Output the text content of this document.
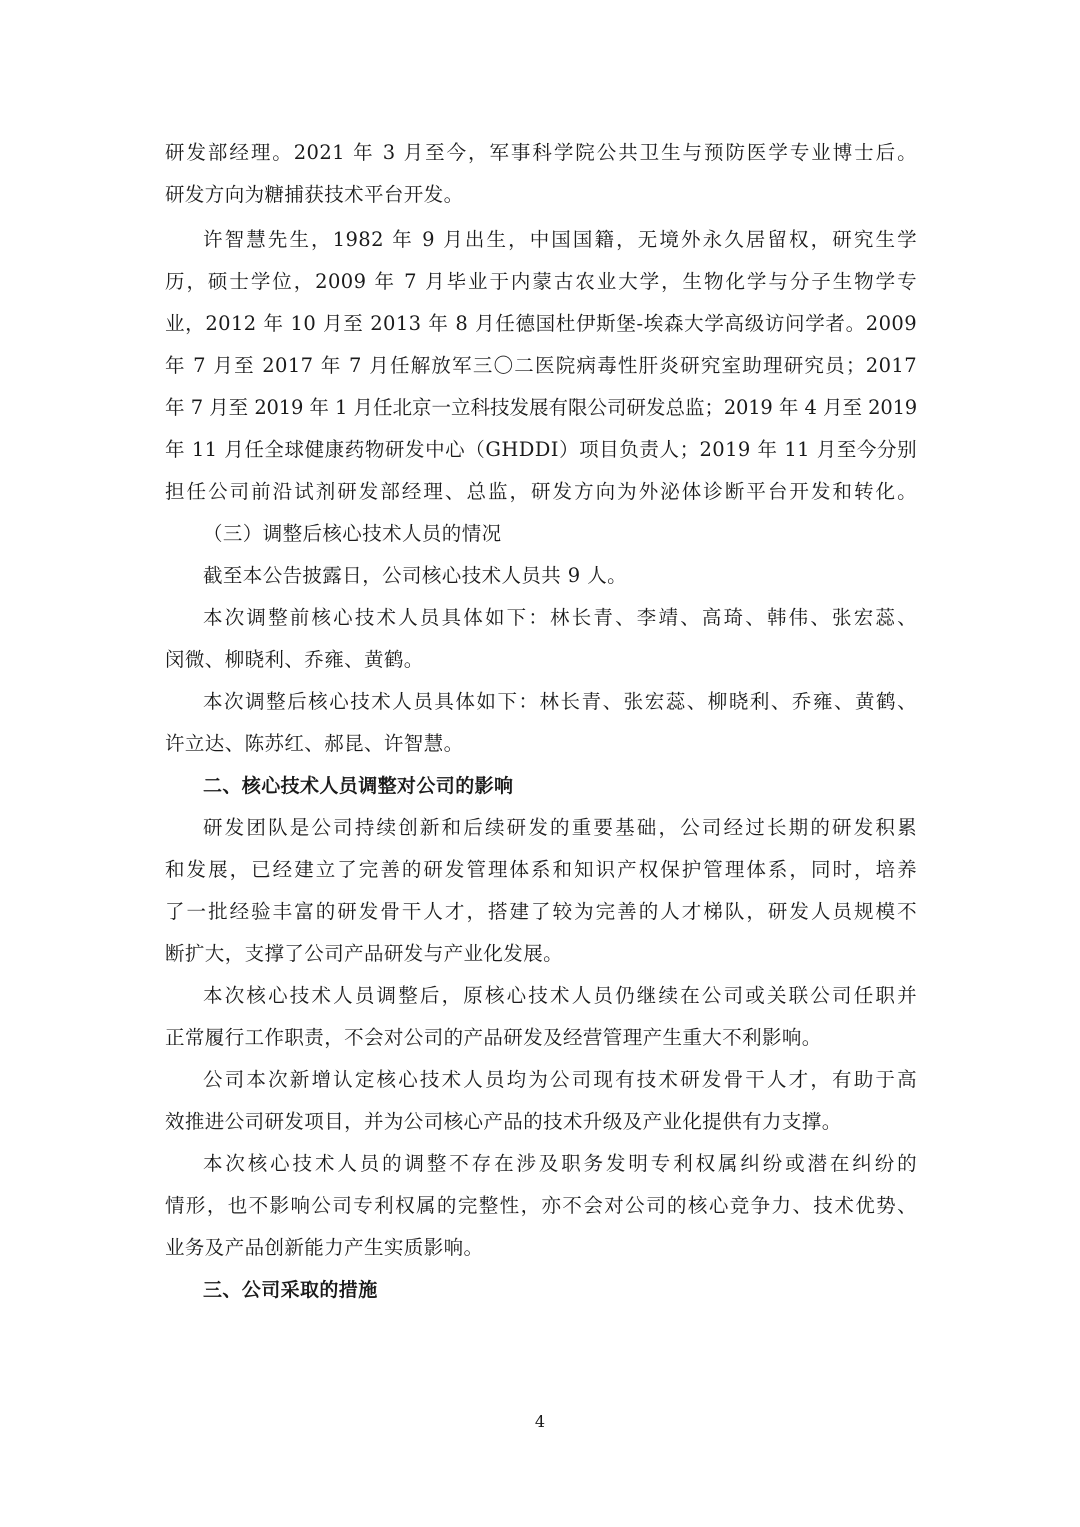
研发部经理。2021 年 3 月至今，军事科学院公共卫生与预防医学专业博士后。
研发方向为糖捕获技术平台开发。
许智慧先生，1982 年 9 月出生，中国国籍，无境外永久居留权，研究生学
历，硕士学位，2009 年 7 月毕业于内蒙古农业大学，生物化学与分子生物学专
业，2012 年 10 月至 2013 年 8 月任德国杜伊斯堡-埃森大学高级访问学者。2009
年 7 月至 2017 年 7 月任解放军三〇二医院病毒性肝炎研究室助理研究员；2017
年 7 月至 2019 年 1 月任北京一立科技发展有限公司研发总监；2019 年 4 月至 2019
年 11 月任全球健康药物研发中心（GHDDI）项目负责人；2019 年 11 月至今分别
担任公司前沿试剂研发部经理、总监，研发方向为外泌体诊断平台开发和转化。
（三）调整后核心技术人员的情况
截至本公告披露日，公司核心技术人员共 9 人。
本次调整前核心技术人员具体如下：林长青、李靖、高琦、韩伟、张宏蕊、
闵微、柳晓利、乔雍、黄鹤。
本次调整后核心技术人员具体如下：林长青、张宏蕊、柳晓利、乔雍、黄鹤、
许立达、陈苏红、郝昆、许智慧。
二、核心技术人员调整对公司的影响
研发团队是公司持续创新和后续研发的重要基础，公司经过长期的研发积累
和发展，已经建立了完善的研发管理体系和知识产权保护管理体系，同时，培养
了一批经验丰富的研发骨干人才，搭建了较为完善的人才梯队，研发人员规模不
断扩大，支撑了公司产品研发与产业化发展。
本次核心技术人员调整后，原核心技术人员仍继续在公司或关联公司任职并
正常履行工作职责，不会对公司的产品研发及经营管理产生重大不利影响。
公司本次新增认定核心技术人员均为公司现有技术研发骨干人才，有助于高
效推进公司研发项目，并为公司核心产品的技术升级及产业化提供有力支撑。
本次核心技术人员的调整不存在涉及职务发明专利权属纠纷或潜在纠纷的
情形，也不影响公司专利权属的完整性，亦不会对公司的核心竞争力、技术优势、
业务及产品创新能力产生实质影响。
三、公司采取的措施
4
